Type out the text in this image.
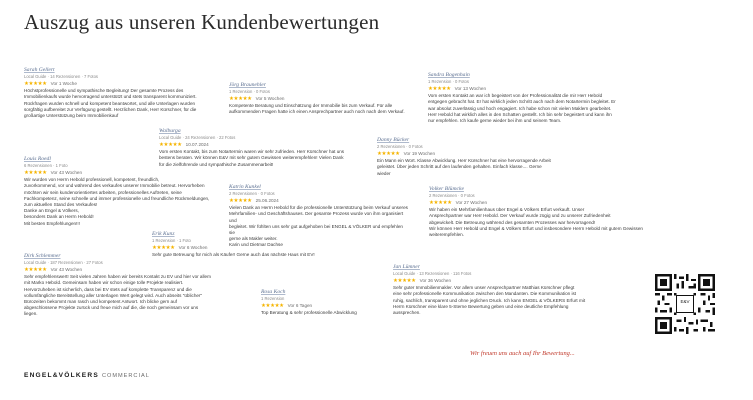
Auszug aus unseren Kundenbewertungen
Sarah Gellert
Local Guide · 14 Rezensionen · 7 Fotos
★★★★★ Vor 1 Woche
Höchstprofessionelle und sympathische Begleitung! Der gesamte Prozess des
Immobilienkaufs wurde hervorragend unterstützt und stets transparent kommuniziert.
Rückfragen wurden schnell und kompetent beantwortet, und alle Unterlagen wurden
sorgfältig aufbereitet zur Verfügung gestellt. Herzlichen Dank, Herr Kürschner, für die
großartige Unterstützung beim Immobilienkauf
Jörg Braunehler
1 Rezension · 0 Fotos
★★★★★ Vor 5 Wochen
Kompetente Beratung und Einschätzung der Immobilie bis zum Verkauf. Für alle
aufkommenden Fragen hatte ich einen Ansprechpartner auch noch nach dem Verkauf.
Sandra Bogenhain
1 Rezension · 0 Fotos
★★★★★ Vor 13 Wochen
Vom ersten Kontakt an war ich begeistert von der Professionalität die mir Herr Hebold
entgegen gebracht hat. Er hat wirklich jeden Schritt auch nach dem Notartermin begleitet. Er
war absolut zuverlässig und hoch engagiert. Ich habe schon mit vielen Maklern gearbeitet.
Herr Hebold hat wirklich alles in den Schatten gestellt. Ich bin sehr begeistert und kann ihn
nur empfehlen. Ich kaufe gerne wieder bei ihm und seinem Team.
Walburga
Local Guide · 24 Rezensionen · 22 Fotos
★★★★★ 10.07.2024
Vom ersten Kontakt, bis zum Notartermin waren wir sehr zufrieden. Herr Kürschner hat uns
bestens beraten. Wir können E&V mit sehr gutem Gewissen weiterempfehlen! Vielen Dank
für die zielführende und sympathische Zusammenarbeit!
Louis Roedl
6 Rezensionen · 1 Foto
★★★★★ Vor 43 Wochen
Wir wurden von Herrn Hebold professionell, kompetent, freundlich,
zuvorkommend, vor und während des verkaufes unserer Immobilie betreut. Hervorheben
möchten wir sein kundenorientiertes arbeiten, professionelles Auftreten, seine
Fachkompetenz, seine schnelle und immer professionelle und freundliche Rückmeldungen,
zum aktuellen Stand des Verkaufes!
Danke an Engel & Völkers,
besonders Dank an Herrn Hebold!
Mit besten Empfehlungen!!!
Danny Bücker
2 Rezensionen · 0 Fotos
★★★★★ Vor 19 Wochen
Ein Mann ein Wort. Klasse Abwicklung. Herr Kürschner hat eine hervorragende Arbeit
geleistet. Über jeden Schritt auf den laufenden gehalten. Einfach klasse.... Gerne
wieder
Katrin Kunkel
2 Rezensionen · 0 Fotos
★★★★★ 25.06.2024
Vielen Dank an Herrn Hebold für die professionelle Unterstützung beim Verkauf unseres
Mehrfamilien- und Geschäftshauses. Der gesamte Prozess wurde von ihm organisiert und
begleitet. Wir fühlten uns sehr gut aufgehoben bei ENGEL & VÖLKER und empfehlen sie
gerne als Makler weiter.
Karin und Dietmar Dachse
Volker Blümcke
2 Rezensionen · 0 Fotos
★★★★★ Vor 27 Wochen
Wir haben ein Mehrfamilienhaus über Engel & Völkers Erfurt verkauft. Unser
Ansprechpartner war Herr Hebold. Der Verkauf wurde zügig und zu unserer Zufriedenheit
abgewickelt. Die Betreuung während des gesamten Prozesses war hervorragend!
Wir können Herr Hebold und Engel & Völkers Erfurt und insbesondere Herrn Hebold mit gutem Gewissen
weiterempfehlen.
Erik Kunz
1 Rezension · 1 Foto
★★★★★ Vor 6 Wochen
Sehr gute Betreuung für mich als Käufer! Gerne auch das nächste Haus mit EV!
Dirk Schlemmer
Local Guide · 187 Rezensionen · 27 Fotos
★★★★★ Vor 43 Wochen
Sehr empfehlenswert! Seit vielen Jahren haben wir bereits Kontakt zu EV und hier vor allem
mit Marko Hebold. Gemeinsam haben wir schon einige tolle Projekte realisiert.
Hervorzuheben ist sicherlich, dass bei EV stets auf komplette Transparenz und die
vollumfängliche Bereitstellung aller Unterlagen Wert gelegt wird. Auch abseits "üblicher"
Bürozeiten bekommt man rasch und kompetent Antwort. Ich blicke gern auf
abgeschlossene Projekte zurück und freue mich auf die, die noch gemeinsam vor uns
liegen.
Jan Lümner
Local Guide · 13 Rezensionen · 116 Fotos
★★★★★ Vor 36 Wochen
Sehr guter Immobilienmakler. Vor allem unser Ansprechpartner Matthias Kürschner pflegt
eine sehr professionelle Kommunikation zwischen den Mandanten. Die Kommunikation ist
ruhig, sachlich, transparent und ohne jeglichen Druck. Ich kann ENGEL & VÖLKERS Erfurt mit
Herrn Kürschner eine klare 5-Sterne Bewertung geben und eine deutliche Empfehlung
aussprechen.
Rosa Koch
1 Rezension
★★★★★ Vor 6 Tagen
Top Beratung & sehr professionelle Abwicklung
Wir freuen uns auch auf Ihr Bewertung...
E&V
ENGEL&VÖLKERS COMMERCIAL
